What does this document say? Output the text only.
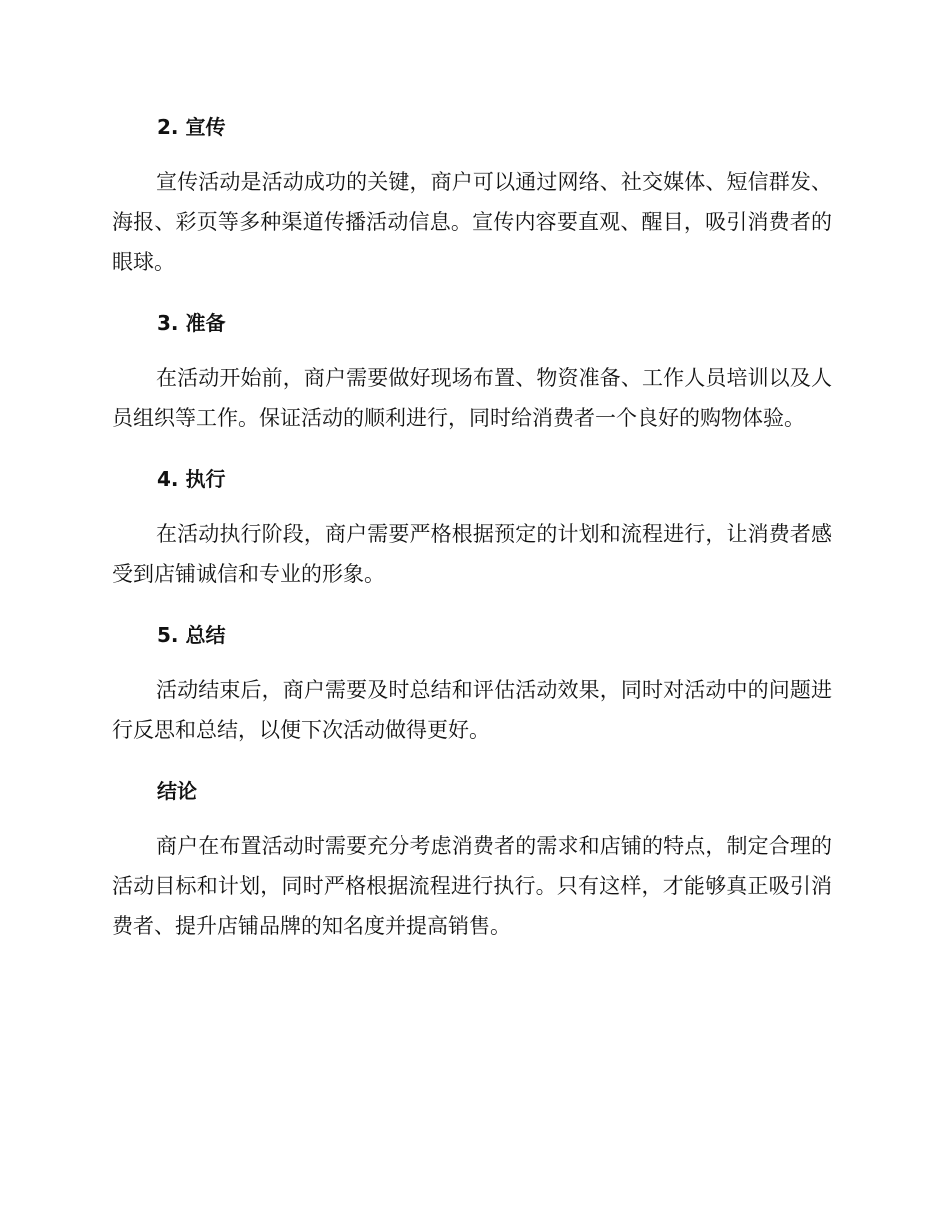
2. 宣传

宣传活动是活动成功的关键，商户可以通过网络、社交媒体、短信群发、海报、彩页等多种渠道传播活动信息。宣传内容要直观、醒目，吸引消费者的眼球。

3. 准备

在活动开始前，商户需要做好现场布置、物资准备、工作人员培训以及人员组织等工作。保证活动的顺利进行，同时给消费者一个良好的购物体验。

4. 执行

在活动执行阶段，商户需要严格根据预定的计划和流程进行，让消费者感受到店铺诚信和专业的形象。

5. 总结

活动结束后，商户需要及时总结和评估活动效果，同时对活动中的问题进行反思和总结，以便下次活动做得更好。

结论

商户在布置活动时需要充分考虑消费者的需求和店铺的特点，制定合理的活动目标和计划，同时严格根据流程进行执行。只有这样，才能够真正吸引消费者、提升店铺品牌的知名度并提高销售。
